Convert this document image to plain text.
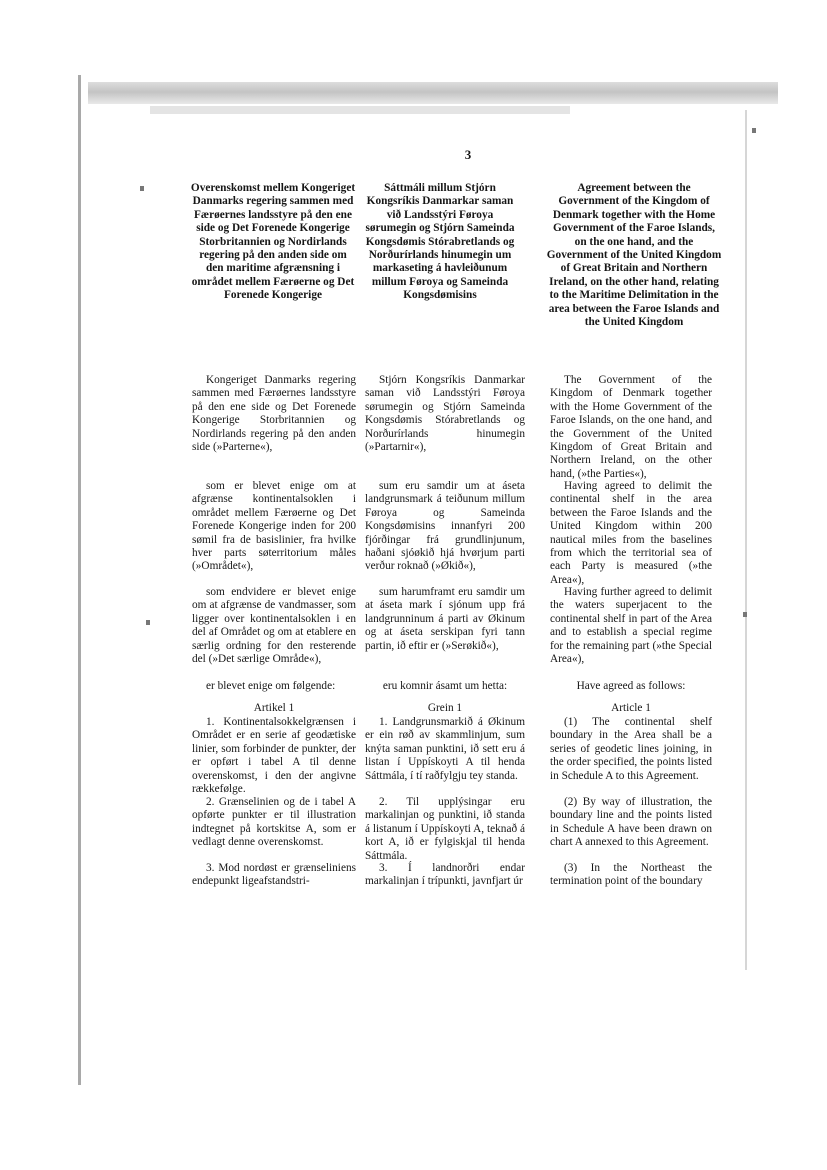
3
Overenskomst mellem Kongeriget Danmarks regering sammen med Færøernes landsstyre på den ene side og Det Forenede Kongerige Storbritannien og Nordirlands regering på den anden side om den maritime afgrænsning i området mellem Færøerne og Det Forenede Kongerige
Sáttmáli millum Stjórn Kongsríkis Danmarkar saman við Landsstýri Føroya sørumegin og Stjórn Sameinda Kongsdømis Stórabretlands og Norðurírlands hinumegin um markaseting á havleiðunum millum Føroya og Sameinda Kongsdømisins
Agreement between the Government of the Kingdom of Denmark together with the Home Government of the Faroe Islands, on the one hand, and the Government of the United Kingdom of Great Britain and Northern Ireland, on the other hand, relating to the Maritime Delimitation in the area between the Faroe Islands and the United Kingdom
Kongeriget Danmarks regering sammen med Færøernes landsstyre på den ene side og Det Forenede Kongerige Storbritannien og Nordirlands regering på den anden side (»Parterne«),
Stjórn Kongsríkis Danmarkar saman við Landsstýri Føroya sørumegin og Stjórn Sameinda Kongsdømis Stórabretlands og Norðurírlands hinumegin (»Partarnir«),
The Government of the Kingdom of Denmark together with the Home Government of the Faroe Islands, on the one hand, and the Government of the United Kingdom of Great Britain and Northern Ireland, on the other hand, (»the Parties«),
som er blevet enige om at afgrænse kontinentalsoklen i området mellem Færøerne og Det Forenede Kongerige inden for 200 sømil fra de basislinier, fra hvilke hver parts søterritorium måles (»Området«),
sum eru samdir um at áseta landgrunsmark á teiðunum millum Føroya og Sameinda Kongsdømisins innanfyri 200 fjórðingar frá grundlinjunum, haðani sjóøkið hjá hvørjum parti verður roknað (»Økið«),
Having agreed to delimit the continental shelf in the area between the Faroe Islands and the United Kingdom within 200 nautical miles from the baselines from which the territorial sea of each Party is measured (»the Area«),
som endvidere er blevet enige om at afgrænse de vandmasser, som ligger over kontinentalsoklen i en del af Området og om at etablere en særlig ordning for den resterende del (»Det særlige Område«),
sum harumframt eru samdir um at áseta mark í sjónum upp frá landgrunninum á parti av Økinum og at áseta serskipan fyri tann partin, ið eftir er (»Serøkið«),
Having further agreed to delimit the waters superjacent to the continental shelf in part of the Area and to establish a special regime for the remaining part (»the Special Area«),
er blevet enige om følgende:	eru komnir ásamt um hetta:	Have agreed as follows:
Artikel 1	Grein 1	Article 1
1. Kontinentalsokkelgrænsen i Området er en serie af geodætiske linier, som forbinder de punkter, der er opført i tabel A til denne overenskomst, i den der angivne rækkefølge.
1. Landgrunsmarkið á Økinum er ein røð av skammlinjum, sum knýta saman punktini, ið sett eru á listan í Uppískoyti A til henda Sáttmála, í tí raðfylgju tey standa.
(1) The continental shelf boundary in the Area shall be a series of geodetic lines joining, in the order specified, the points listed in Schedule A to this Agreement.
2. Grænselinien og de i tabel A opførte punkter er til illustration indtegnet på kortskitse A, som er vedlagt denne overenskomst.
2. Til upplýsingar eru markalinjan og punktini, ið standa á listanum í Uppískoyti A, teknað á kort A, ið er fylgiskjal til henda Sáttmála.
(2) By way of illustration, the boundary line and the points listed in Schedule A have been drawn on chart A annexed to this Agreement.
3. Mod nordøst er grænseliniens endepunkt ligeafstandstri-
3. Í landnorðri endar markalinjan í trípunkti, javnfjart úr
(3) In the Northeast the termination point of the boundary
